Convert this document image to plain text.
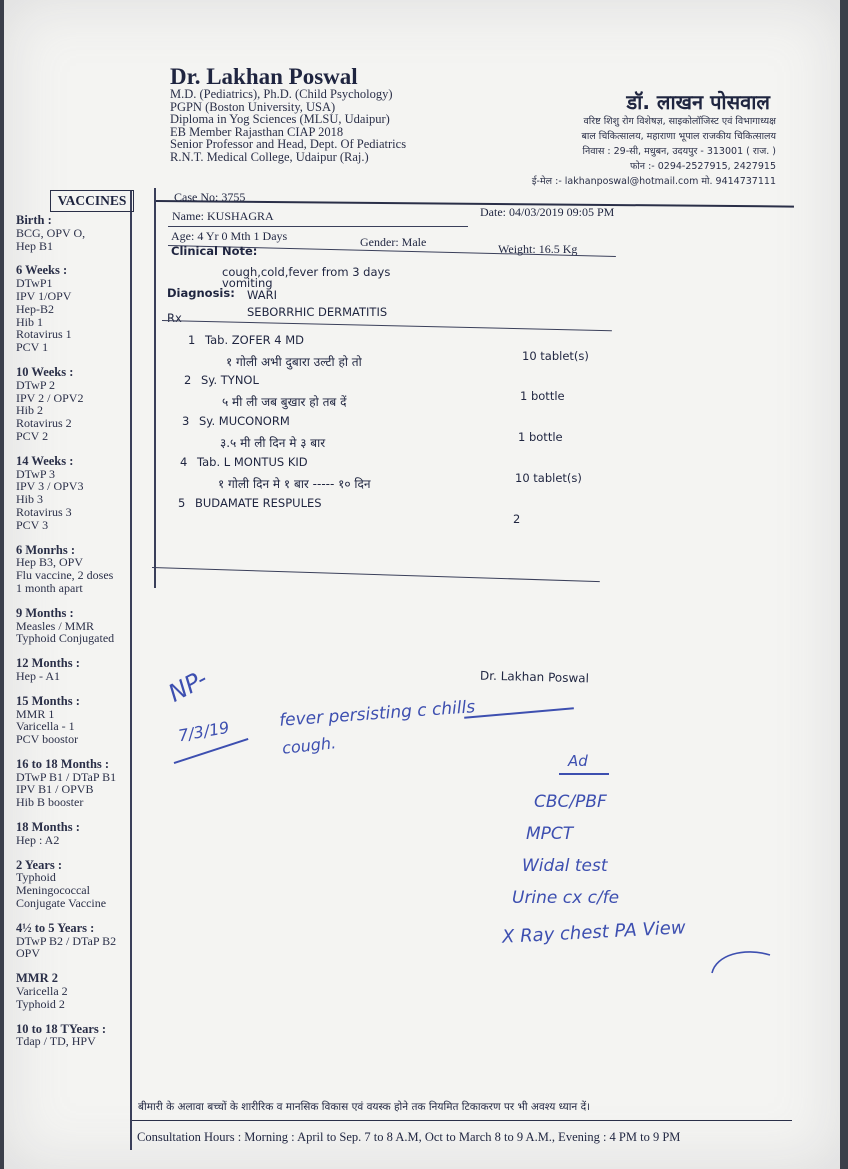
Dr. Lakhan Poswal
M.D. (Pediatrics), Ph.D. (Child Psychology)
PGPN (Boston University, USA)
Diploma in Yog Sciences (MLSU, Udaipur)
EB Member Rajasthan CIAP 2018
Senior Professor and Head, Dept. Of Pediatrics
R.N.T. Medical College, Udaipur (Raj.)
डॉ. लाखन पोसवाल
वरिष्ट शिशु रोग विशेषज्ञ, साइकोलॉजिस्ट एवं विभागाध्यक्ष
बाल चिकित्सालय, महाराणा भूपाल राजकीय चिकित्सालय
निवास : 29-सी, मधुबन, उदयपुर - 313001 ( राज. )
फोन :- 0294-2527915, 2427915
ई-मेल :- lakhanposwal@hotmail.com मो. 9414737111
VACCINES
Birth :
BCG, OPV O,
Hep B1
6 Weeks :
DTwP1
IPV 1/OPV
Hep-B2
Hib 1
Rotavirus 1
PCV 1
10 Weeks :
DTwP 2
IPV 2 / OPV2
Hib 2
Rotavirus 2
PCV 2
14 Weeks :
DTwP 3
IPV 3 / OPV3
Hib 3
Rotavirus 3
PCV 3
6 Monrhs :
Hep B3, OPV
Flu vaccine, 2 doses
1 month apart
9 Months :
Measles / MMR
Typhoid Conjugated
12 Months :
Hep - A1
15 Months :
MMR 1
Varicella - 1
PCV boostor
16 to 18 Months :
DTwP B1 / DTaP B1
IPV B1 / OPVB
Hib B booster
18 Months :
Hep : A2
2 Years :
Typhoid
Meningococcal
Conjugate Vaccine
4½ to 5 Years :
DTwP B2 / DTaP B2
OPV
MMR 2
Varicella 2
Typhoid 2
10 to 18 TYears :
Tdap / TD, HPV
Case No: 3755
Date: 04/03/2019 09:05 PM
Name: KUSHAGRA
Age: 4 Yr 0 Mth 1 Days	Gender: Male	Weight: 16.5 Kg
Clinical Note:
cough,cold,fever from 3 days
vomiting
Diagnosis: WARI
SEBORRHIC DERMATITIS
Rx
1 Tab. ZOFER 4 MD
१ गोली अभी दुबारा उल्टी हो तो	10 tablet(s)
2 Sy. TYNOL
५ मी ली जब बुखार हो तब दें	1 bottle
3 Sy. MUCONORM
३.५ मी ली दिन मे ३ बार	1 bottle
4 Tab. L MONTUS KID
१ गोली दिन मे १ बार ----- १० दिन	10 tablet(s)
5 BUDAMATE RESPULES
2
Dr. Lakhan Poswal
NP-
7/3/19
fever persisting c chills
cough.
Ad
CBC/PBF
MPCT
Widal test
Urine cx c/fe
X Ray chest PA View
बीमारी के अलावा बच्चों के शारीरिक व मानसिक विकास एवं वयस्क होने तक नियमित टिकाकरण पर भी अवश्य ध्यान दें।
Consultation Hours : Morning : April to Sep. 7 to 8 A.M, Oct to March 8 to 9 A.M., Evening : 4 PM to 9 PM
